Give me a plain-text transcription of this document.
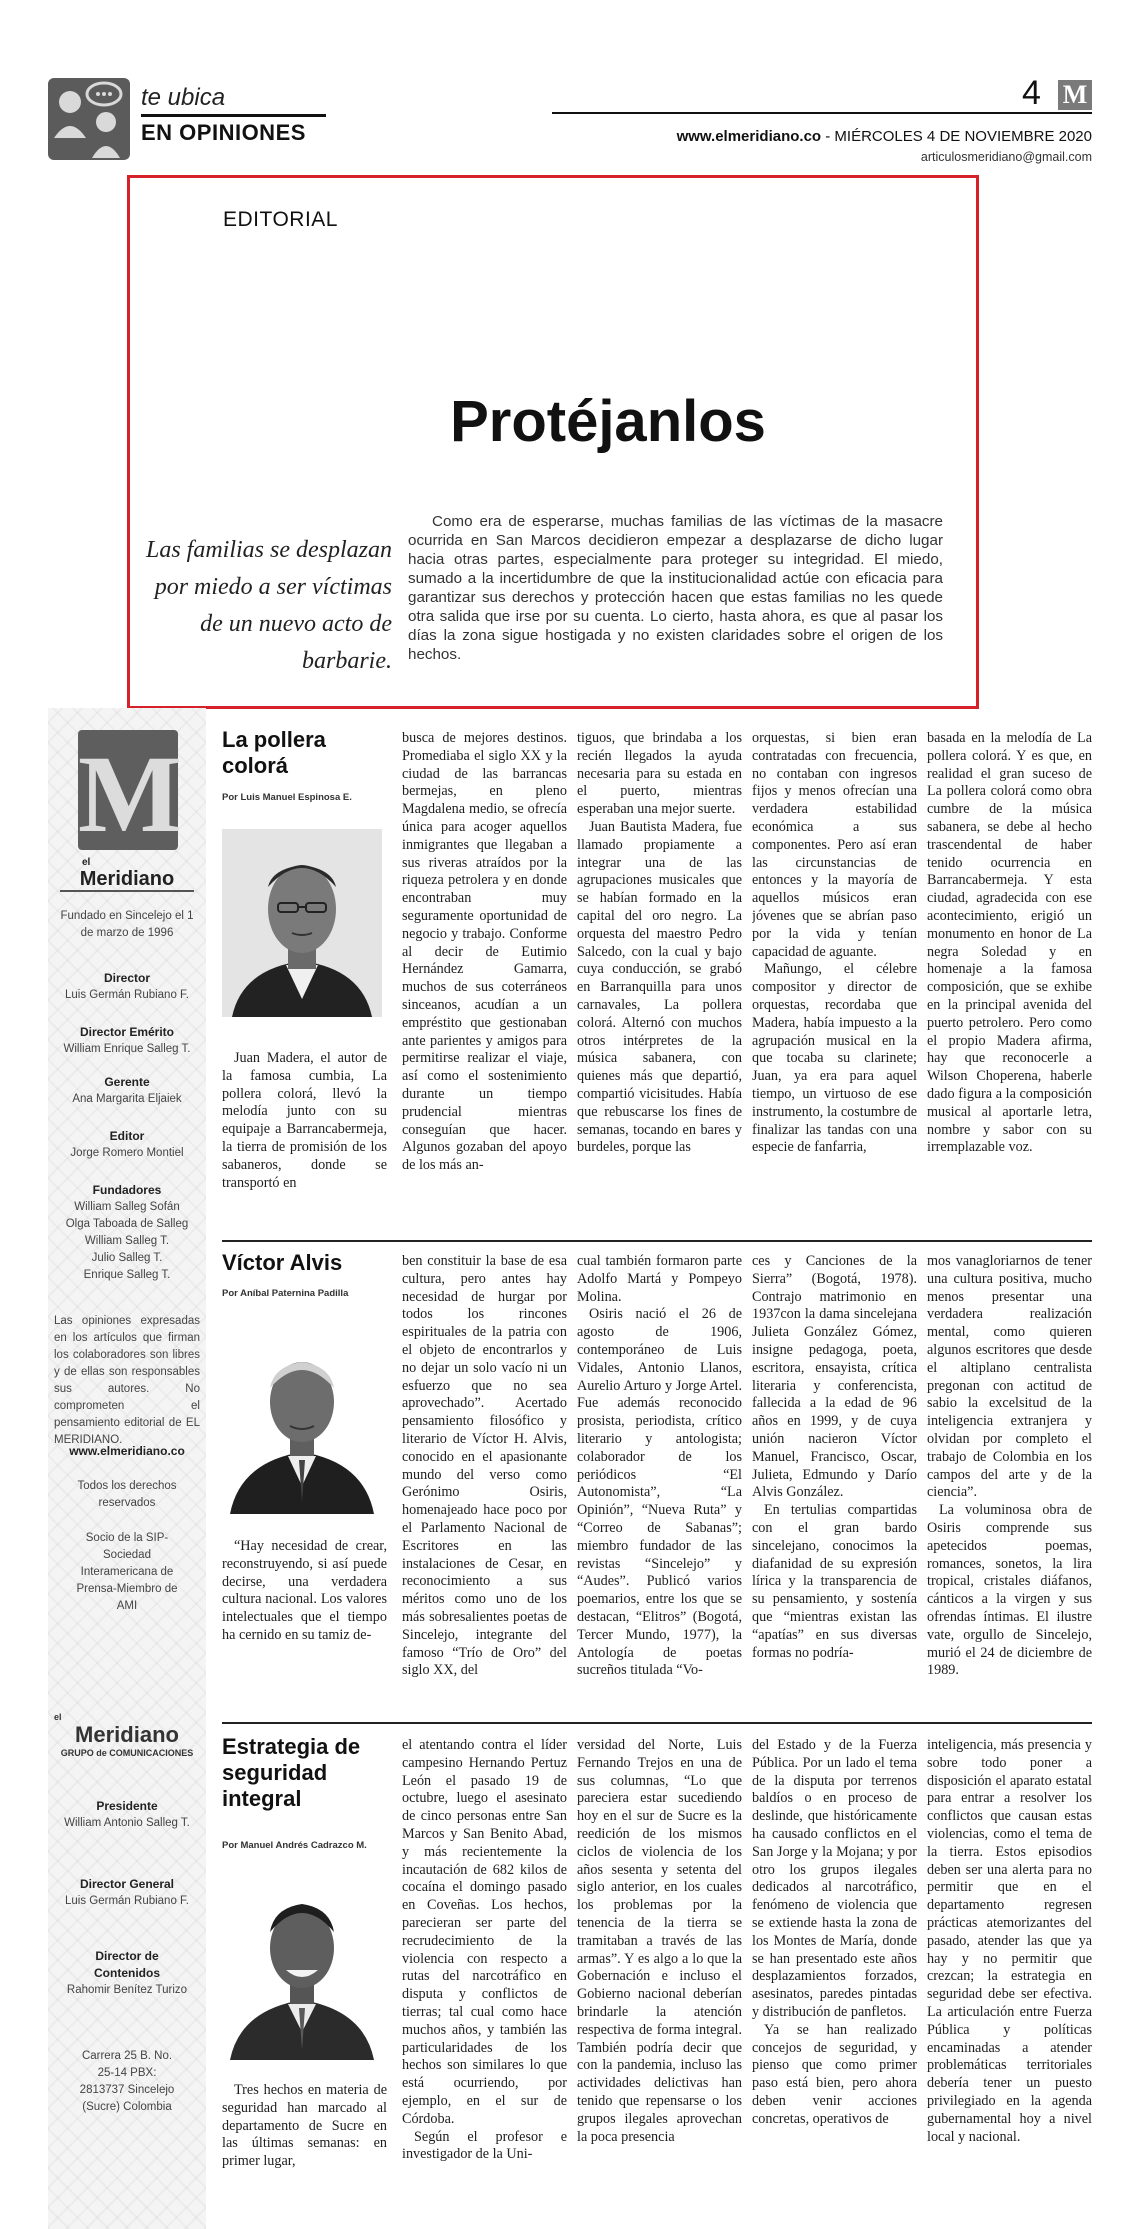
te ubica
EN OPINIONES
4 M
www.elmeridiano.co - MIÉRCOLES 4 DE NOVIEMBRE 2020
articulosmeridiano@gmail.com
EDITORIAL
Protéjanlos
Las familias se desplazan por miedo a ser víctimas de un nuevo acto de barbarie.
Como era de esperarse, muchas familias de las víctimas de la masacre ocurrida en San Marcos decidieron empezar a desplazarse de dicho lugar hacia otras partes, especialmente para proteger su integridad. El miedo, sumado a la incertidumbre de que la institucionalidad actúe con eficacia para garantizar sus derechos y protección hacen que estas familias no les quede otra salida que irse por su cuenta. Lo cierto, hasta ahora, es que al pasar los días la zona sigue hostigada y no existen claridades sobre el origen de los hechos.
M
el
Meridiano
Fundado en Sincelejo el 1 de marzo de 1996
Director
Luis Germán Rubiano F.
Director Emérito
William Enrique Salleg T.
Gerente
Ana Margarita Eljaiek
Editor
Jorge Romero Montiel
Fundadores
William Salleg Sofán
Olga Taboada de Salleg
William Salleg T.
Julio Salleg T.
Enrique Salleg T.
Las opiniones expresadas en los artículos que firman los colaboradores son libres y de ellas son responsables sus autores. No comprometen el pensamiento editorial de EL MERIDIANO.
www.elmeridiano.co
Todos los derechos reservados
Socio de la SIP-Sociedad Interamericana de Prensa-Miembro de AMI
el
Meridiano
GRUPO de COMUNICACIONES
Presidente
William Antonio Salleg T.
Director General
Luis Germán Rubiano F.
Director de Contenidos
Rahomir Benítez Turizo
Carrera 25 B. No. 25-14 PBX: 2813737 Sincelejo (Sucre) Colombia
La pollera colorá
Por Luis Manuel Espinosa E.

Juan Madera, el autor de la famosa cumbia, La pollera colorá, llevó la melodía junto con su equipaje a Barrancabermeja, la tierra de promisión de los sabaneros, donde se transportó en

busca de mejores destinos. Promediaba el siglo XX y la ciudad de las barrancas bermejas, en pleno Magdalena medio, se ofrecía única para acoger aquellos inmigrantes que llegaban a sus riveras atraídos por la riqueza petrolera y en donde encontraban muy seguramente oportunidad de negocio y trabajo. Conforme al decir de Eutimio Hernández Gamarra, muchos de sus coterráneos sinceanos, acudían a un empréstito que gestionaban ante parientes y amigos para permitirse realizar el viaje, así como el sostenimiento durante un tiempo prudencial mientras conseguían que hacer. Algunos gozaban del apoyo de los más an-

tiguos, que brindaba a los recién llegados la ayuda necesaria para su estada en el puerto, mientras esperaban una mejor suerte.

Juan Bautista Madera, fue llamado propiamente a integrar una de las agrupaciones musicales que se habían formado en la capital del oro negro. La orquesta del maestro Pedro Salcedo, con la cual y bajo cuya conducción, se grabó en Barranquilla para unos carnavales, La pollera colorá. Alternó con muchos otros intérpretes de la música sabanera, con quienes más que departió, compartió vicisitudes. Había que rebuscarse los fines de semanas, tocando en bares y burdeles, porque las

orquestas, si bien eran contratadas con frecuencia, no contaban con ingresos fijos y menos ofrecían una verdadera estabilidad económica a sus componentes. Pero así eran las circunstancias de entonces y la mayoría de aquellos músicos eran jóvenes que se abrían paso por la vida y tenían capacidad de aguante.

Mañungo, el célebre compositor y director de orquestas, recordaba que Madera, había impuesto a la agrupación musical en la que tocaba su clarinete; Juan, ya era para aquel tiempo, un virtuoso de ese instrumento, la costumbre de finalizar las tandas con una especie de fanfarria,

basada en la melodía de La pollera colorá. Y es que, en realidad el gran suceso de La pollera colorá como obra cumbre de la música sabanera, se debe al hecho trascendental de haber tenido ocurrencia en Barrancabermeja. Y esta ciudad, agradecida con ese acontecimiento, erigió un monumento en honor de La negra Soledad y en homenaje a la famosa composición, que se exhibe en la principal avenida del puerto petrolero. Pero como el propio Madera afirma, hay que reconocerle a Wilson Choperena, haberle dado figura a la composición musical al aportarle letra, nombre y sabor con su irremplazable voz.

Víctor Alvis
Por Aníbal Paternina Padilla

“Hay necesidad de crear, reconstruyendo, si así puede decirse, una verdadera cultura nacional. Los valores intelectuales que el tiempo ha cernido en su tamiz de-

ben constituir la base de esa cultura, pero antes hay necesidad de hurgar por todos los rincones espirituales de la patria con el objeto de encontrarlos y no dejar un solo vacío ni un esfuerzo que no sea aprovechado”. Acertado pensamiento filosófico y literario de Víctor H. Alvis, conocido en el apasionante mundo del verso como Gerónimo Osiris, homenajeado hace poco por el Parlamento Nacional de Escritores en las instalaciones de Cesar, en reconocimiento a sus méritos como uno de los más sobresalientes poetas de Sincelejo, integrante del famoso “Trío de Oro” del siglo XX, del

cual también formaron parte Adolfo Martá y Pompeyo Molina.

Osiris nació el 26 de agosto de 1906, contemporáneo de Luis Vidales, Antonio Llanos, Aurelio Arturo y Jorge Artel. Fue además reconocido prosista, periodista, crítico literario y antologista; colaborador de los periódicos “El Autonomista”, “La Opinión”, “Nueva Ruta” y “Correo de Sabanas”; miembro fundador de las revistas “Sincelejo” y “Audes”. Publicó varios poemarios, entre los que se destacan, “Elitros” (Bogotá, Tercer Mundo, 1977), la Antología de poetas sucreños titulada “Vo-

ces y Canciones de la Sierra” (Bogotá, 1978). Contrajo matrimonio en 1937con la dama sincelejana Julieta González Gómez, insigne pedagoga, poeta, escritora, ensayista, crítica literaria y conferencista, fallecida a la edad de 96 años en 1999, y de cuya unión nacieron Víctor Manuel, Francisco, Oscar, Julieta, Edmundo y Darío Alvis González.

En tertulias compartidas con el gran bardo sincelejano, conocimos la diafanidad de su expresión lírica y la transparencia de su pensamiento, y sostenía que “mientras existan las “apatías” en sus diversas formas no podría-

mos vanagloriarnos de tener una cultura positiva, mucho menos presentar una verdadera realización mental, como quieren algunos escritores que desde el altiplano centralista pregonan con actitud de sabio la excelsitud de la inteligencia extranjera y olvidan por completo el trabajo de Colombia en los campos del arte y de la ciencia”.

La voluminosa obra de Osiris comprende sus apetecidos poemas, romances, sonetos, la lira tropical, cristales diáfanos, cánticos a la virgen y sus ofrendas íntimas. El ilustre vate, orgullo de Sincelejo, murió el 24 de diciembre de 1989.

Estrategia de seguridad integral
Por Manuel Andrés Cadrazco M.

Tres hechos en materia de seguridad han marcado al departamento de Sucre en las últimas semanas: en primer lugar,

el atentando contra el líder campesino Hernando Pertuz León el pasado 19 de octubre, luego el asesinato de cinco personas entre San Marcos y San Benito Abad, y más recientemente la incautación de 682 kilos de cocaína el domingo pasado en Coveñas. Los hechos, parecieran ser parte del recrudecimiento de la violencia con respecto a rutas del narcotráfico en disputa y conflictos de tierras; tal cual como hace muchos años, y también las particularidades de los hechos son similares lo que está ocurriendo, por ejemplo, en el sur de Córdoba.

Según el profesor e investigador de la Uni-

versidad del Norte, Luis Fernando Trejos en una de sus columnas, “Lo que pareciera estar sucediendo hoy en el sur de Sucre es la reedición de los mismos ciclos de violencia de los años sesenta y setenta del siglo anterior, en los cuales los problemas por la tenencia de la tierra se tramitaban a través de las armas”. Y es algo a lo que la Gobernación e incluso el Gobierno nacional deberían brindarle la atención respectiva de forma integral. También podría decir que con la pandemia, incluso las actividades delictivas han tenido que repensarse o los grupos ilegales aprovechan la poca presencia

del Estado y de la Fuerza Pública. Por un lado el tema de la disputa por terrenos baldíos o en proceso de deslinde, que históricamente ha causado conflictos en el San Jorge y la Mojana; y por otro los grupos ilegales dedicados al narcotráfico, fenómeno de violencia que se extiende hasta la zona de los Montes de María, donde se han presentado este años desplazamientos forzados, asesinatos, paredes pintadas y distribución de panfletos.

Ya se han realizado concejos de seguridad, y pienso que como primer paso está bien, pero ahora deben venir acciones concretas, operativos de

inteligencia, más presencia y sobre todo poner a disposición el aparato estatal para entrar a resolver los conflictos que causan estas violencias, como el tema de la tierra. Estos episodios deben ser una alerta para no permitir que en el departamento regresen prácticas atemorizantes del pasado, atender las que ya hay y no permitir que crezcan; la estrategia en seguridad debe ser efectiva. La articulación entre Fuerza Pública y políticas encaminadas a atender problemáticas territoriales debería tener un puesto privilegiado en la agenda gubernamental hoy a nivel local y nacional.
